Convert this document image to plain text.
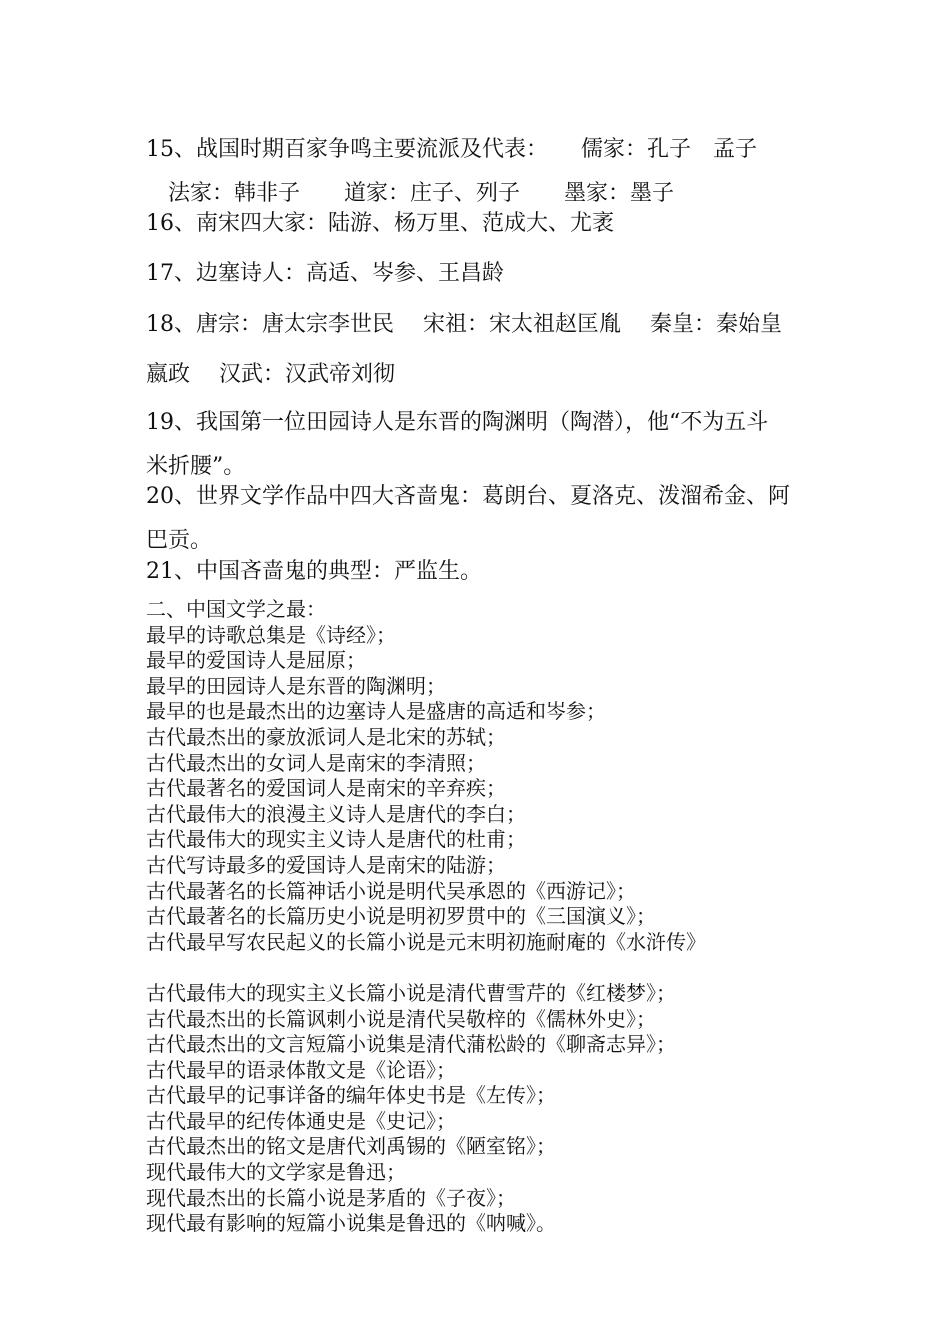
15、战国时期百家争鸣主要流派及代表：　　儒家：孔子　孟子
法家：韩非子　　道家：庄子、列子　　墨家：墨子
16、南宋四大家：陆游、杨万里、范成大、尤袤
17、边塞诗人：高适、岑参、王昌龄
18、唐宗：唐太宗李世民　 宋祖：宋太祖赵匡胤　 秦皇：秦始皇
嬴政　 汉武：汉武帝刘彻
19、我国第一位田园诗人是东晋的陶渊明（陶潜），他“不为五斗
米折腰”。
20、世界文学作品中四大吝啬鬼：葛朗台、夏洛克、泼溜希金、阿
巴贡。
21、中国吝啬鬼的典型：严监生。
二、中国文学之最：
最早的诗歌总集是《诗经》；
最早的爱国诗人是屈原；
最早的田园诗人是东晋的陶渊明；
最早的也是最杰出的边塞诗人是盛唐的高适和岑参；
古代最杰出的豪放派词人是北宋的苏轼；
古代最杰出的女词人是南宋的李清照；
古代最著名的爱国词人是南宋的辛弃疾；
古代最伟大的浪漫主义诗人是唐代的李白；
古代最伟大的现实主义诗人是唐代的杜甫；
古代写诗最多的爱国诗人是南宋的陆游；
古代最著名的长篇神话小说是明代吴承恩的《西游记》；
古代最著名的长篇历史小说是明初罗贯中的《三国演义》；
古代最早写农民起义的长篇小说是元末明初施耐庵的《水浒传》
古代最伟大的现实主义长篇小说是清代曹雪芹的《红楼梦》；
古代最杰出的长篇讽刺小说是清代吴敬梓的《儒林外史》；
古代最杰出的文言短篇小说集是清代蒲松龄的《聊斋志异》；
古代最早的语录体散文是《论语》；
古代最早的记事详备的编年体史书是《左传》；
古代最早的纪传体通史是《史记》；
古代最杰出的铭文是唐代刘禹锡的《陋室铭》；
现代最伟大的文学家是鲁迅；
现代最杰出的长篇小说是茅盾的《子夜》；
现代最有影响的短篇小说集是鲁迅的《呐喊》。
